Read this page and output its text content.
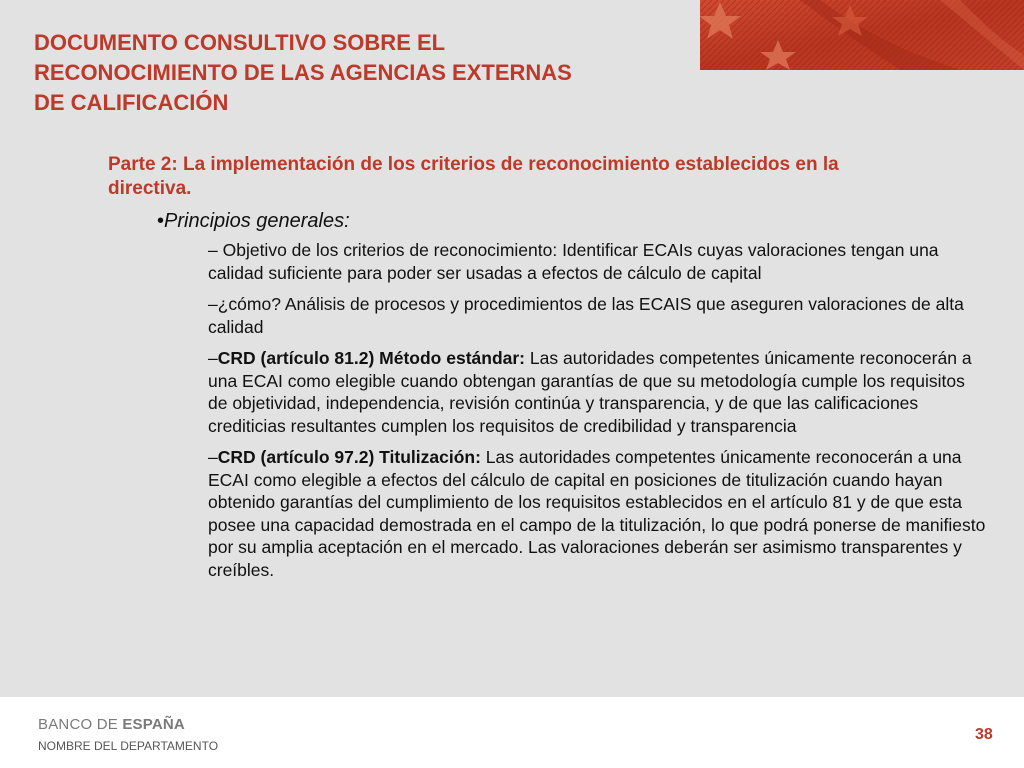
DOCUMENTO CONSULTIVO SOBRE EL
RECONOCIMIENTO DE LAS AGENCIAS EXTERNAS
DE CALIFICACIÓN

Parte 2: La implementación de los criterios de reconocimiento establecidos en la directiva.

•Principios generales:

– Objetivo de los criterios de reconocimiento: Identificar ECAIs cuyas valoraciones tengan una calidad suficiente para poder ser usadas a efectos de cálculo de capital
–¿cómo? Análisis de procesos y procedimientos de las ECAIS que aseguren valoraciones de alta calidad
–CRD (artículo 81.2) Método estándar: Las autoridades competentes únicamente reconocerán a una ECAI como elegible cuando obtengan garantías de que su metodología cumple los requisitos de objetividad, independencia, revisión continúa y transparencia, y de que las calificaciones crediticias resultantes cumplen los requisitos de credibilidad y transparencia
–CRD (artículo 97.2) Titulización: Las autoridades competentes únicamente reconocerán a una ECAI como elegible a efectos del cálculo de capital en posiciones de titulización cuando hayan obtenido garantías del cumplimiento de los requisitos establecidos en el artículo 81 y de que esta posee una capacidad demostrada en el campo de la titulización, lo que podrá ponerse de manifiesto por su amplia aceptación en el mercado. Las valoraciones deberán ser asimismo transparentes y creíbles.
BANCO DE ESPAÑA
NOMBRE DEL DEPARTAMENTO
38
